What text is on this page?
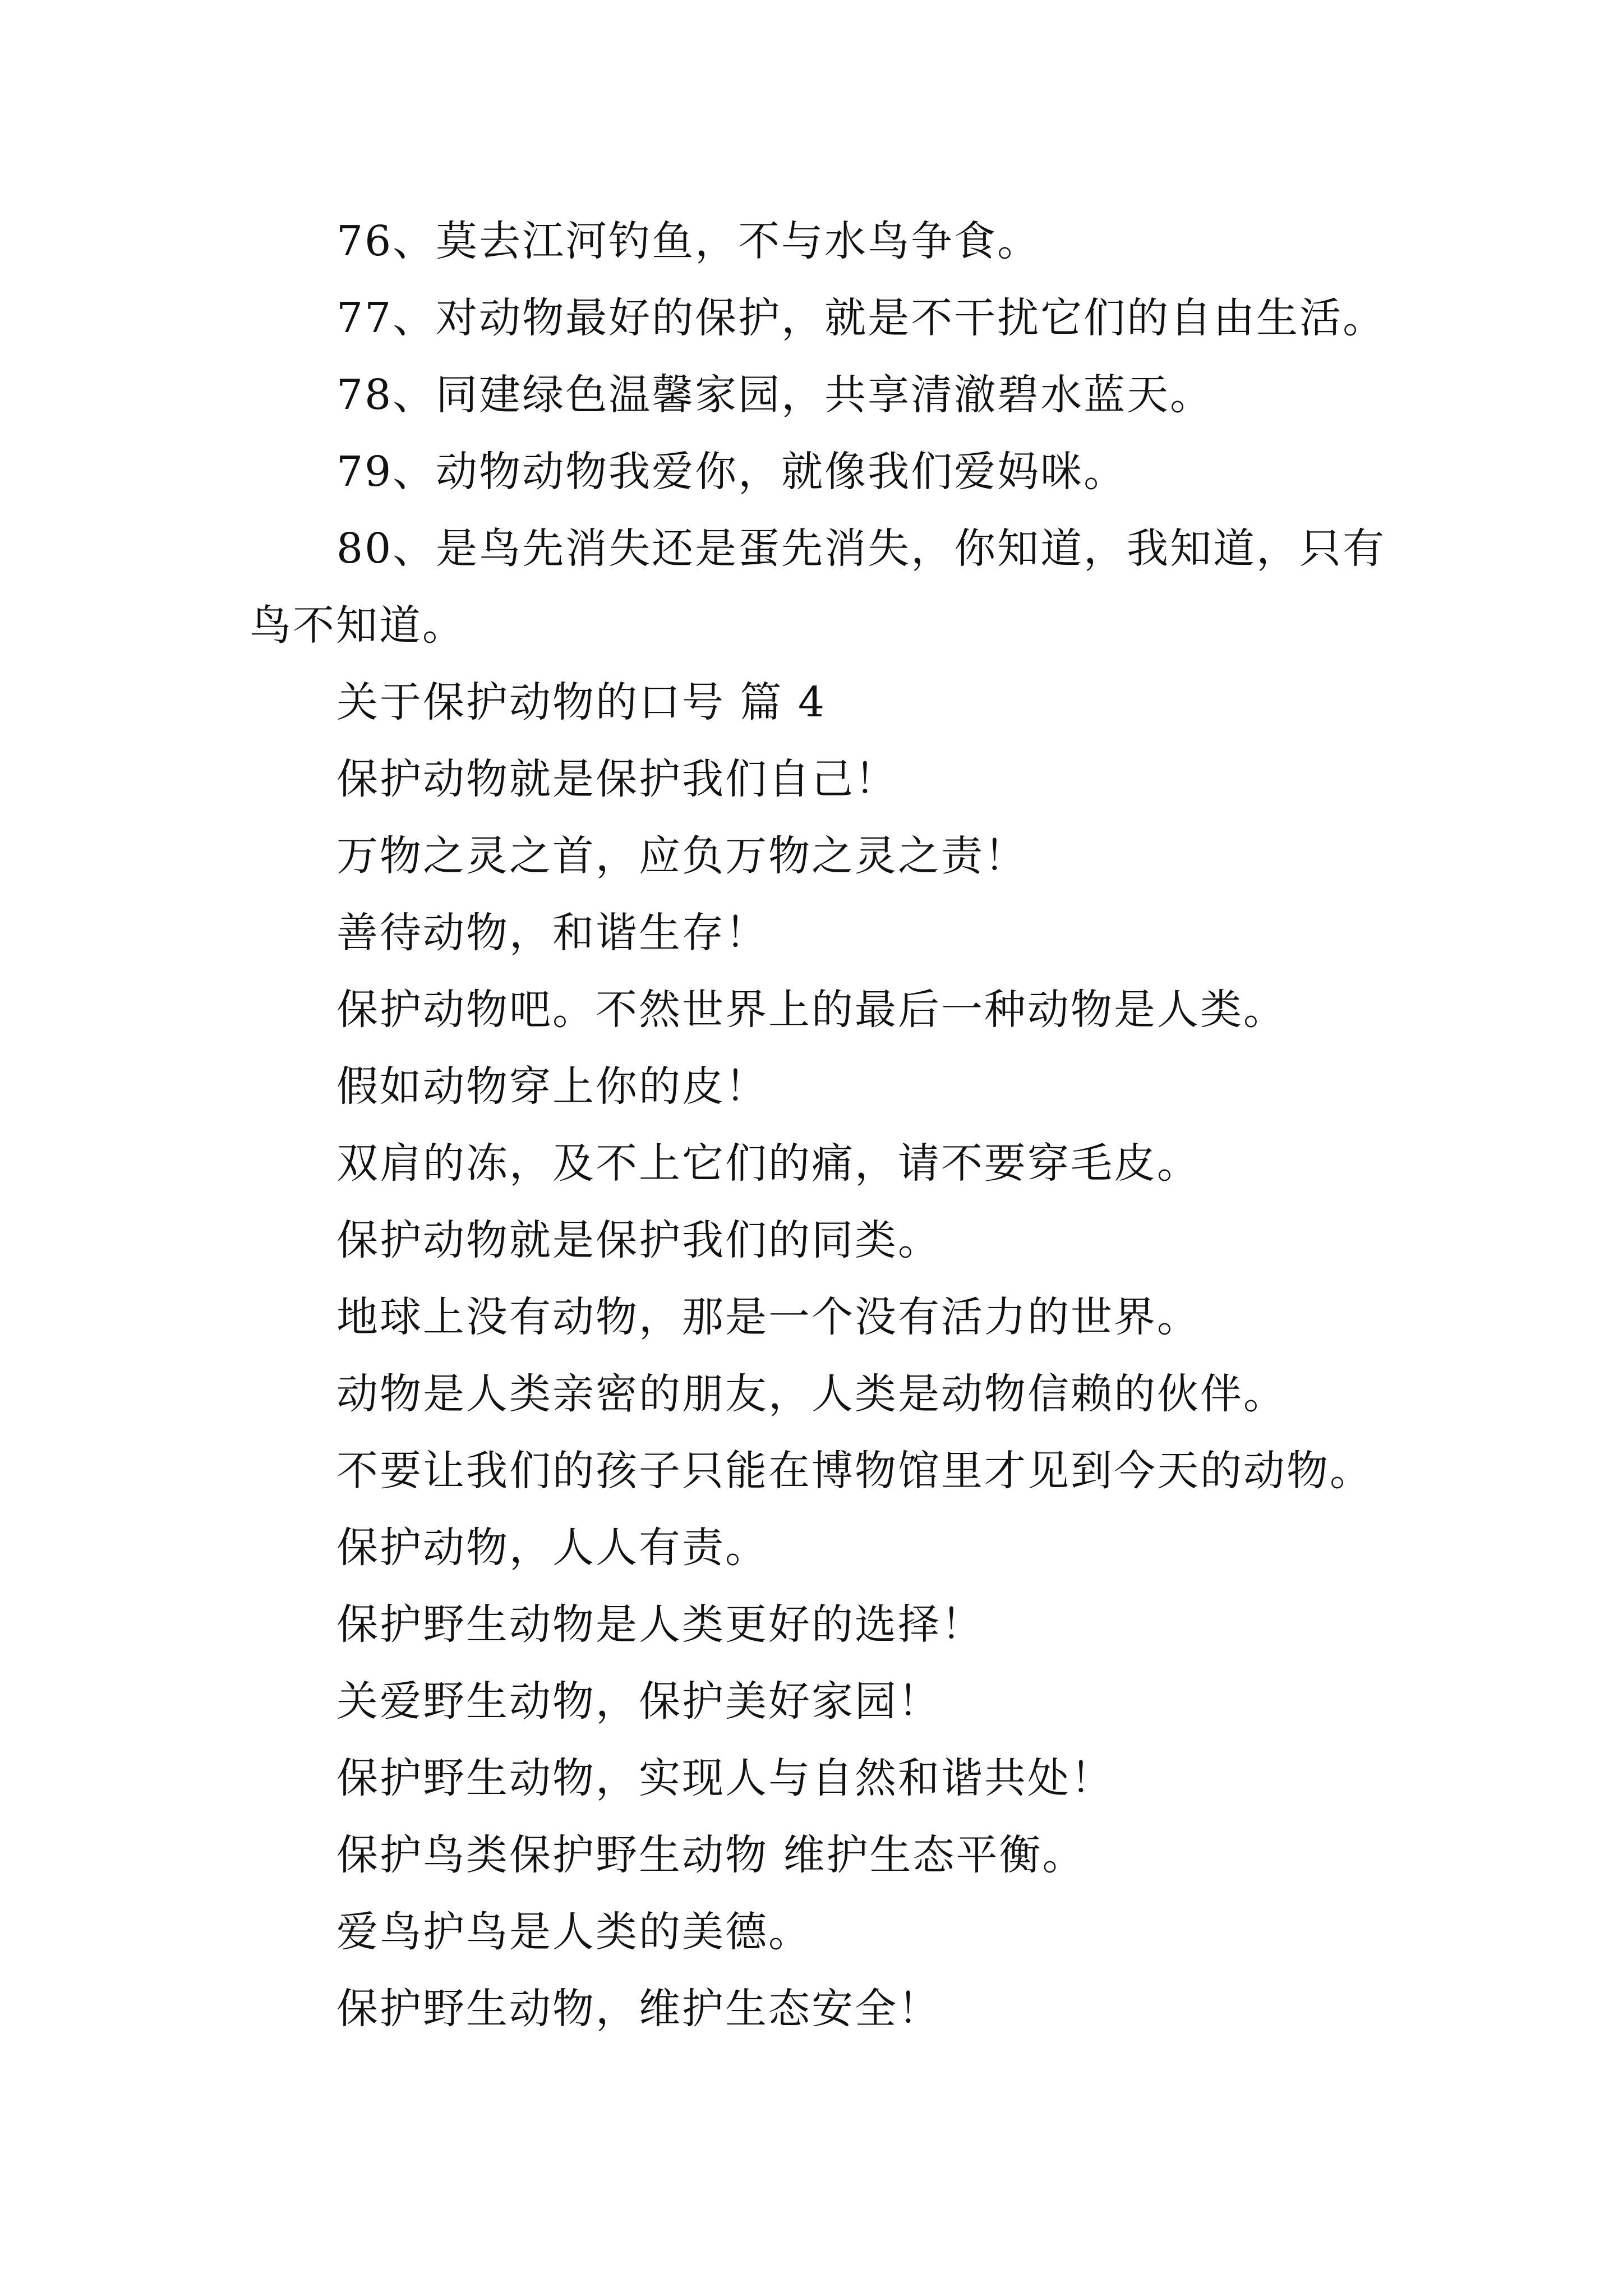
76、莫去江河钓鱼，不与水鸟争食。
77、对动物最好的保护，就是不干扰它们的自由生活。
78、同建绿色温馨家园，共享清澈碧水蓝天。
79、动物动物我爱你，就像我们爱妈咪。
80、是鸟先消失还是蛋先消失，你知道，我知道，只有
鸟不知道。
关于保护动物的口号 篇 4
保护动物就是保护我们自己！
万物之灵之首，应负万物之灵之责！
善待动物，和谐生存！
保护动物吧。不然世界上的最后一种动物是人类。
假如动物穿上你的皮！
双肩的冻，及不上它们的痛，请不要穿毛皮。
保护动物就是保护我们的同类。
地球上没有动物，那是一个没有活力的世界。
动物是人类亲密的朋友，人类是动物信赖的伙伴。
不要让我们的孩子只能在博物馆里才见到今天的动物。
保护动物，人人有责。
保护野生动物是人类更好的选择！
关爱野生动物，保护美好家园！
保护野生动物，实现人与自然和谐共处！
保护鸟类保护野生动物 维护生态平衡。
爱鸟护鸟是人类的美德。
保护野生动物，维护生态安全！
